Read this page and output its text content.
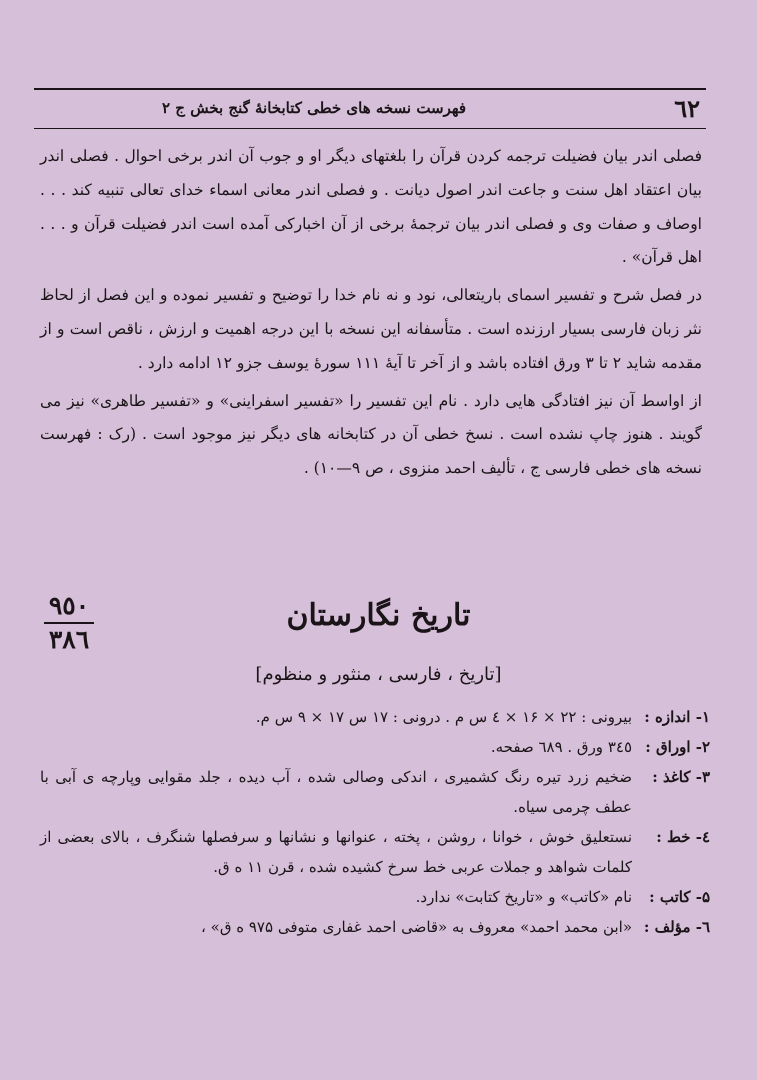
٦٢
فهرست نسخه های خطی کتابخانهٔ گنج بخش ج ۲

فصلی اندر بیان فضیلت ترجمه کردن قرآن را بلغتهای دیگر او و جوب آن اندر برخی احوال . فصلی اندر بیان اعتقاد اهل سنت و جاعت اندر اصول دیانت . و فصلی اندر معانی اسماء خدای تعالی تنبیه کند . . . اوصاف و صفات وی و فصلی اندر بیان ترجمهٔ برخی از آن اخبارکی آمده است اندر فضیلت قرآن و . . . اهل قرآن» .

در فصل شرح و تفسیر اسمای باریتعالی، نود و نه نام خدا را توضیح و تفسیر نموده و این فصل از لحاظ نثر زبان فارسی بسیار ارزنده است . متأسفانه این نسخه با این درجه اهمیت و ارزش ، ناقص است و از مقدمه شاید ۲ تا ۳ ورق افتاده باشد و از آخر تا آیهٔ ۱۱۱ سورهٔ یوسف جزو ۱۲ ادامه دارد .

از اواسط آن نیز افتادگی هایی دارد . نام این تفسیر را «تفسیر اسفراینی» و «تفسیر طاهری» نیز می گویند . هنوز چاپ نشده است . نسخ خطی آن در کتابخانه های دیگر نیز موجود است . (رک : فهرست نسخه های خطی فارسی ج ، تألیف احمد منزوی ، ص ۹—۱۰) .

٩٥٠
٣٨٦
تاريخ نگارستان
[تاریخ ، فارسی ، منثور و منظوم]
۱- اندازه :
بیرونی : ۲۲ × ۱۶ × ٤ س م . درونی : ۱۷ س ۱۷ × ۹ س م.
۲- اوراق :
۳٤٥ ورق . ٦٨٩ صفحه.
۳- کاغذ :
ضخیم زرد تیره رنگ کشمیری ، اندکی وصالی شده ، آب دیده ، جلد مقوایی وپارچه ی آبی با عطف چرمی سیاه.
٤- خط :
نستعلیق خوش ، خوانا ، روشن ، پخته ، عنوانها و نشانها و سرفصلها شنگرف ، بالای بعضی از کلمات شواهد و جملات عربی خط سرخ کشیده شده ، قرن ۱۱ ه ق.
۵- کاتب :
نام «کاتب» و «تاریخ کتابت» ندارد.
٦- مؤلف :
«ابن محمد احمد» معروف به «قاضی احمد غفاری متوفی ۹۷۵ ه ق» ،
